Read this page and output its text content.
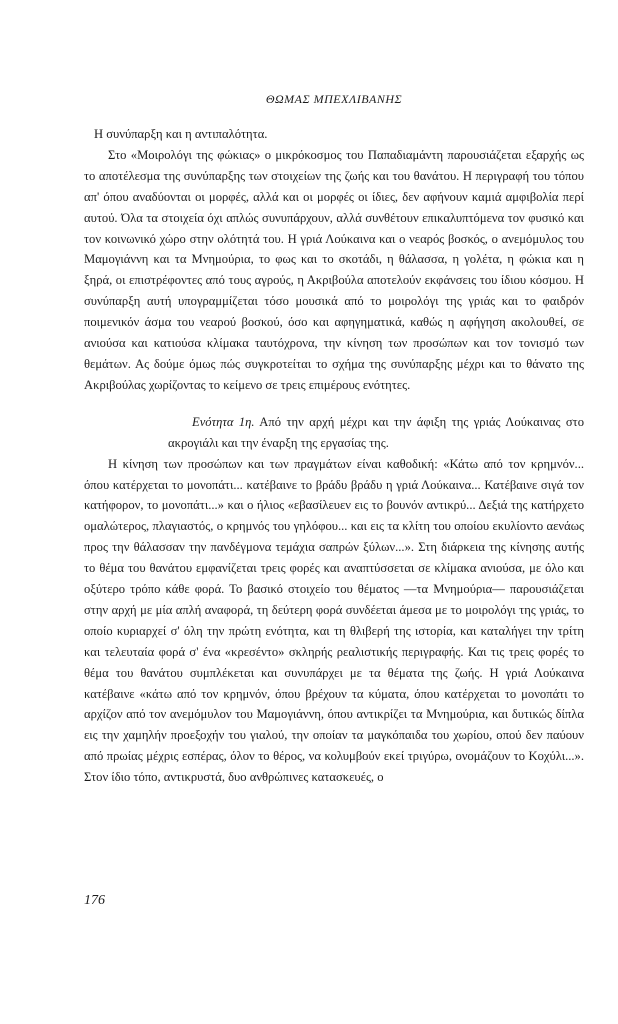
ΘΩΜΑΣ ΜΠΕΧΛΙΒΑΝΗΣ

Η συνύπαρξη και η αντιπαλότητα.

Στο «Μοιρολόγι της φώκιας» ο μικρόκοσμος του Παπαδιαμάντη παρουσιάζεται εξαρχής ως το αποτέλεσμα της συνύπαρξης των στοιχείων της ζωής και του θανάτου. Η περιγραφή του τόπου απ' όπου αναδύονται οι μορφές, αλλά και οι μορφές οι ίδιες, δεν αφήνουν καμιά αμφιβολία περί αυτού. Όλα τα στοιχεία όχι απλώς συνυπάρχουν, αλλά συνθέτουν επικαλυπτόμενα τον φυσικό και τον κοινωνικό χώρο στην ολότητά του. Η γριά Λούκαινα και ο νεαρός βοσκός, ο ανεμόμυλος του Μαμογιάννη και τα Μνημούρια, το φως και το σκοτάδι, η θάλασσα, η γολέτα, η φώκια και η ξηρά, οι επιστρέφοντες από τους αγρούς, η Ακριβούλα αποτελούν εκφάνσεις του ίδιου κόσμου. Η συνύπαρξη αυτή υπογραμμίζεται τόσο μουσικά από το μοιρολόγι της γριάς και το φαιδρόν ποιμενικόν άσμα του νεαρού βοσκού, όσο και αφηγηματικά, καθώς η αφήγηση ακολουθεί, σε ανιούσα και κατιούσα κλίμακα ταυτόχρονα, την κίνηση των προσώπων και τον τονισμό των θεμάτων. Ας δούμε όμως πώς συγκροτείται το σχήμα της συνύπαρξης μέχρι και το θάνατο της Ακριβούλας χωρίζοντας το κείμενο σε τρεις επιμέρους ενότητες.

Ενότητα 1η. Από την αρχή μέχρι και την άφιξη της γριάς Λούκαινας στο ακρογιάλι και την έναρξη της εργασίας της.

Η κίνηση των προσώπων και των πραγμάτων είναι καθοδική: «Κάτω από τον κρημνόν... όπου κατέρχεται το μονοπάτι... κατέβαινε το βράδυ βράδυ η γριά Λούκαινα... Κατέβαινε σιγά τον κατήφορον, το μονοπάτι...» και ο ήλιος «εβασίλευεν εις το βουνόν αντικρύ... Δεξιά της κατήρχετο ομαλώτερος, πλαγιαστός, ο κρημνός του γηλόφου... και εις τα κλίτη του οποίου εκυλίοντο αενάως προς την θάλασσαν την πανδέγμονα τεμάχια σαπρών ξύλων...». Στη διάρκεια της κίνησης αυτής το θέμα του θανάτου εμφανίζεται τρεις φορές και αναπτύσσεται σε κλίμακα ανιούσα, με όλο και οξύτερο τρόπο κάθε φορά. Το βασικό στοιχείο του θέματος —τα Μνημούρια— παρουσιάζεται στην αρχή με μία απλή αναφορά, τη δεύτερη φορά συνδέεται άμεσα με το μοιρολόγι της γριάς, το οποίο κυριαρχεί σ' όλη την πρώτη ενότητα, και τη θλιβερή της ιστορία, και καταλήγει την τρίτη και τελευταία φορά σ' ένα «κρεσέντο» σκληρής ρεαλιστικής περιγραφής. Και τις τρεις φορές το θέμα του θανάτου συμπλέκεται και συνυπάρχει με τα θέματα της ζωής. Η γριά Λούκαινα κατέβαινε «κάτω από τον κρημνόν, όπου βρέχουν τα κύματα, όπου κατέρχεται το μονοπάτι το αρχίζον από τον ανεμόμυλον του Μαμογιάννη, όπου αντικρίζει τα Μνημούρια, και δυτικώς δίπλα εις την χαμηλήν προεξοχήν του γιαλού, την οποίαν τα μαγκόπαιδα του χωρίου, οπού δεν παύουν από πρωίας μέχρις εσπέρας, όλον το θέρος, να κολυμβούν εκεί τριγύρω, ονομάζουν το Κοχύλι...». Στον ίδιο τόπο, αντικρυστά, δυο ανθρώπινες κατασκευές, ο

176
